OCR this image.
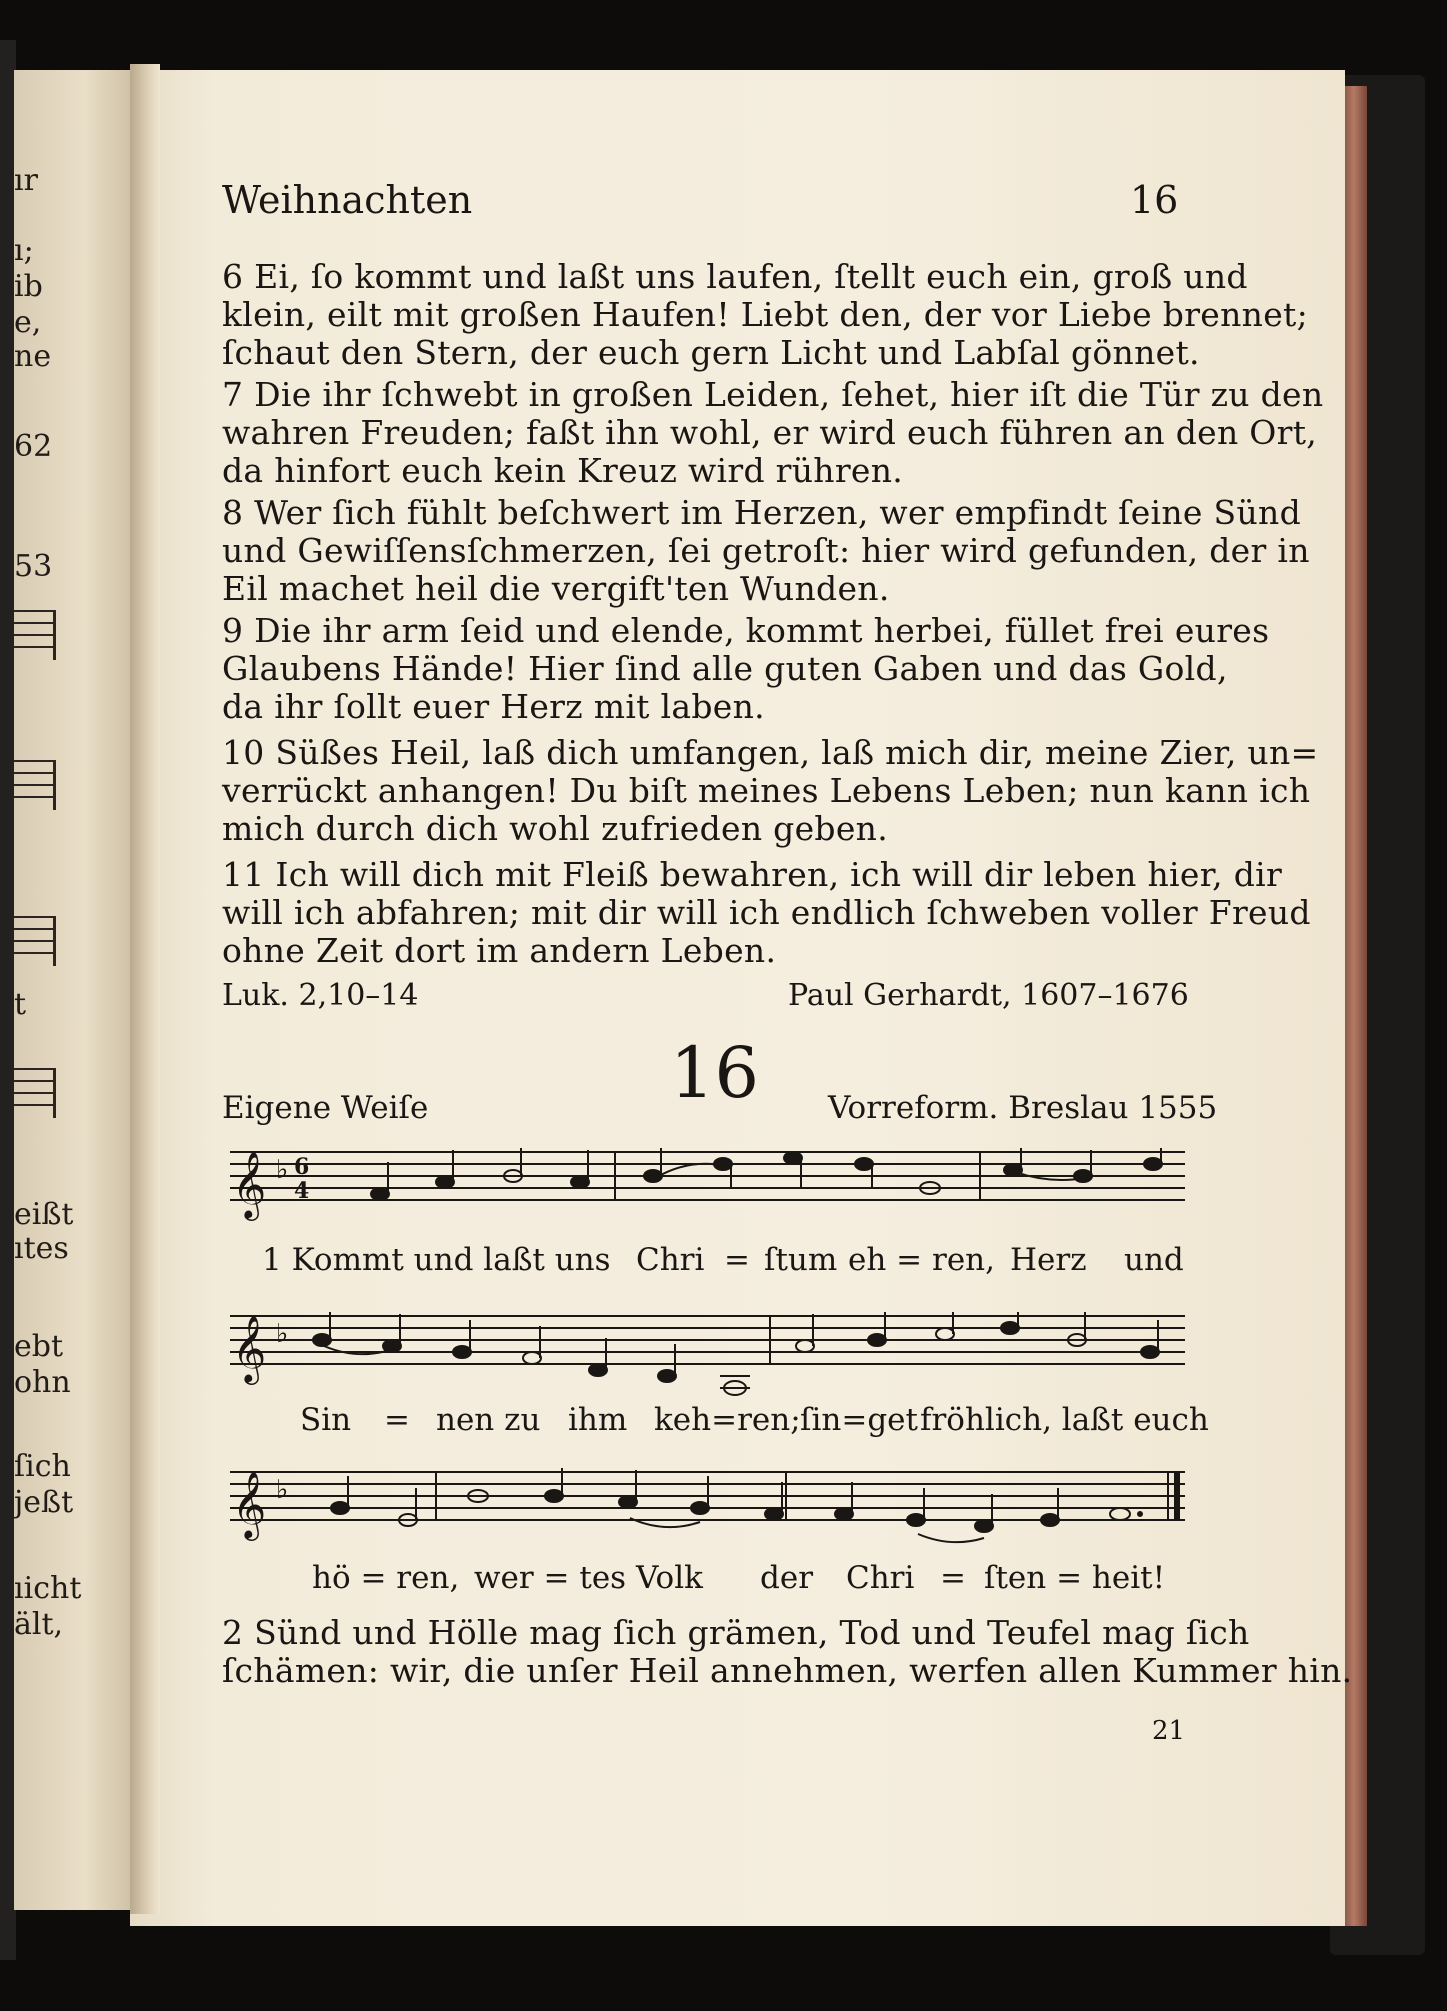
ır
ı;
ib
e,
ne
62
53
t
eißt
ıtes
ebt
ohn
ſich
jeßt
ıicht
ält,
Weihnachten	16
6 Ei, ſo kommt und laßt uns laufen, ſtellt euch ein, groß und
klein, eilt mit großen Haufen! Liebt den, der vor Liebe brennet;
ſchaut den Stern, der euch gern Licht und Labſal gönnet.
7 Die ihr ſchwebt in großen Leiden, ſehet, hier iſt die Tür zu den
wahren Freuden; faßt ihn wohl, er wird euch führen an den Ort,
da hinfort euch kein Kreuz wird rühren.
8 Wer ſich fühlt beſchwert im Herzen, wer empfindt ſeine Sünd
und Gewiſſensſchmerzen, ſei getroſt: hier wird gefunden, der in
Eil machet heil die vergift'ten Wunden.
9 Die ihr arm ſeid und elende, kommt herbei, füllet frei eures
Glaubens Hände! Hier ſind alle guten Gaben und das Gold,
da ihr ſollt euer Herz mit laben.
10 Süßes Heil, laß dich umfangen, laß mich dir, meine Zier, un=
verrückt anhangen! Du biſt meines Lebens Leben; nun kann ich
mich durch dich wohl zufrieden geben.
11 Ich will dich mit Fleiß bewahren, ich will dir leben hier, dir
will ich abfahren; mit dir will ich endlich ſchweben voller Freud
ohne Zeit dort im andern Leben.
Luk. 2,10–14	Paul Gerhardt, 1607–1676
16
Eigene Weiſe	Vorreform. Breslau 1555
𝄞 ♭ 6
4
1 Kommt und laßt uns Chri = ſtum eh = ren, Herz und
𝄞 ♭
Sin = nen zu ihm keh=ren; ſin=get fröhlich, laßt euch
𝄞 ♭
hö = ren, wer = tes Volk der Chri = ſten = heit!
2 Sünd und Hölle mag ſich grämen, Tod und Teufel mag ſich
ſchämen: wir, die unſer Heil annehmen, werfen allen Kummer hin.
21
